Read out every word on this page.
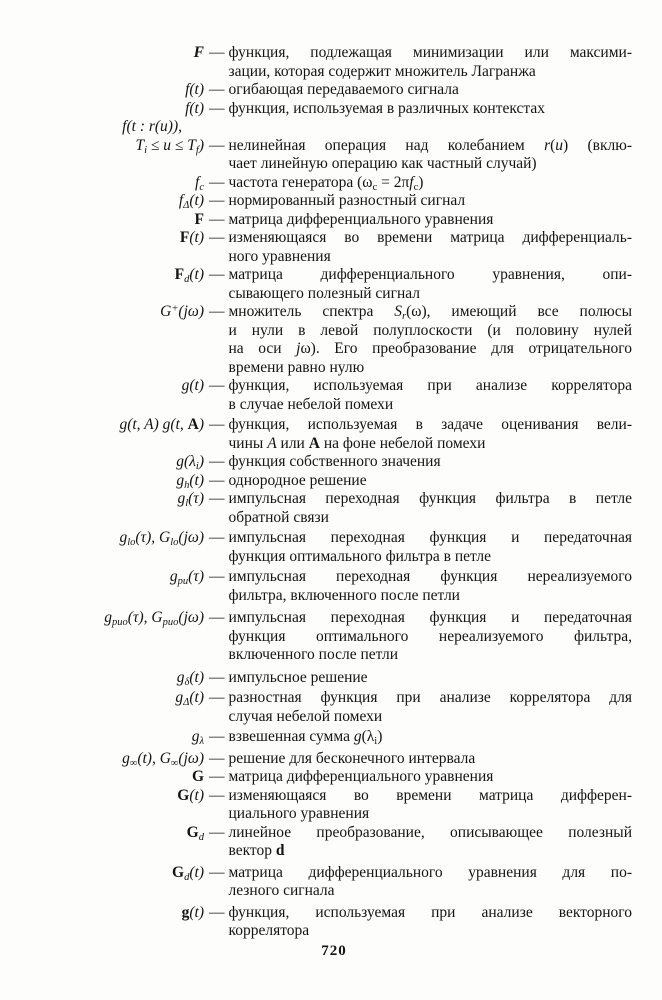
F — функция, подлежащая минимизации или максими-
зации, которая содержит множитель Лагранжа
f(t) — огибающая передаваемого сигнала
f(t) — функция, используемая в различных контекстах
f(t : r(u)),
$T_i \le u \le T_f$) — нелинейная операция над колебанием r(u) (вклю-
чает линейную операцию как частный случай)
$f_c$ — частота генератора $(\omega_c = 2\pi f_c)$
$f_\Delta(t)$ — нормированный разностный сигнал
F — матрица дифференциального уравнения
F(t) — изменяющаяся во времени матрица дифференциаль-
ного уравнения
$F_d(t)$ — матрица дифференциального уравнения, опи-
сывающего полезный сигнал
G+(jω) — множитель спектра $S_r(\omega)$, имеющий все полюсы
и нули в левой полуплоскости (и половину нулей
на оси jω). Его преобразование для отрицательного
времени равно нулю
g(t) — функция, используемая при анализе коррелятора
в случае небелой помехи
g(t, A) g(t, A) — функция, используемая в задаче оценивания вели-
чины A или A на фоне небелой помехи
$g(\lambda_i)$ — функция собственного значения
$g_h(t)$ — однородное решение
$g_l(\tau)$ — импульсная переходная функция фильтра в петле
обратной связи
$g_{lo}(\tau)$, $G_{lo}(j\omega)$ — импульсная переходная функция и передаточная
функция оптимального фильтра в петле
$g_{pu}(\tau)$ — импульсная переходная функция нереализуемого
фильтра, включенного после петли
$g_{puo}(\tau)$, $G_{puo}(j\omega)$ — импульсная переходная функция и передаточная
функция оптимального нереализуемого фильтра,
включенного после петли
$g_\delta(t)$ — импульсное решение
$g_\Delta(t)$ — разностная функция при анализе коррелятора для
случая небелой помехи
$g_\lambda$ — взвешенная сумма $g(\lambda_i)$
$g_\infty(t)$, $G_\infty(j\omega)$ — решение для бесконечного интервала
G — матрица дифференциального уравнения
G(t) — изменяющаяся во времени матрица дифферен-
циального уравнения
$G_d$ — линейное преобразование, описывающее полезный
вектор d
$G_d(t)$ — матрица дифференциального уравнения для по-
лезного сигнала
g(t) — функция, используемая при анализе векторного
коррелятора
720
